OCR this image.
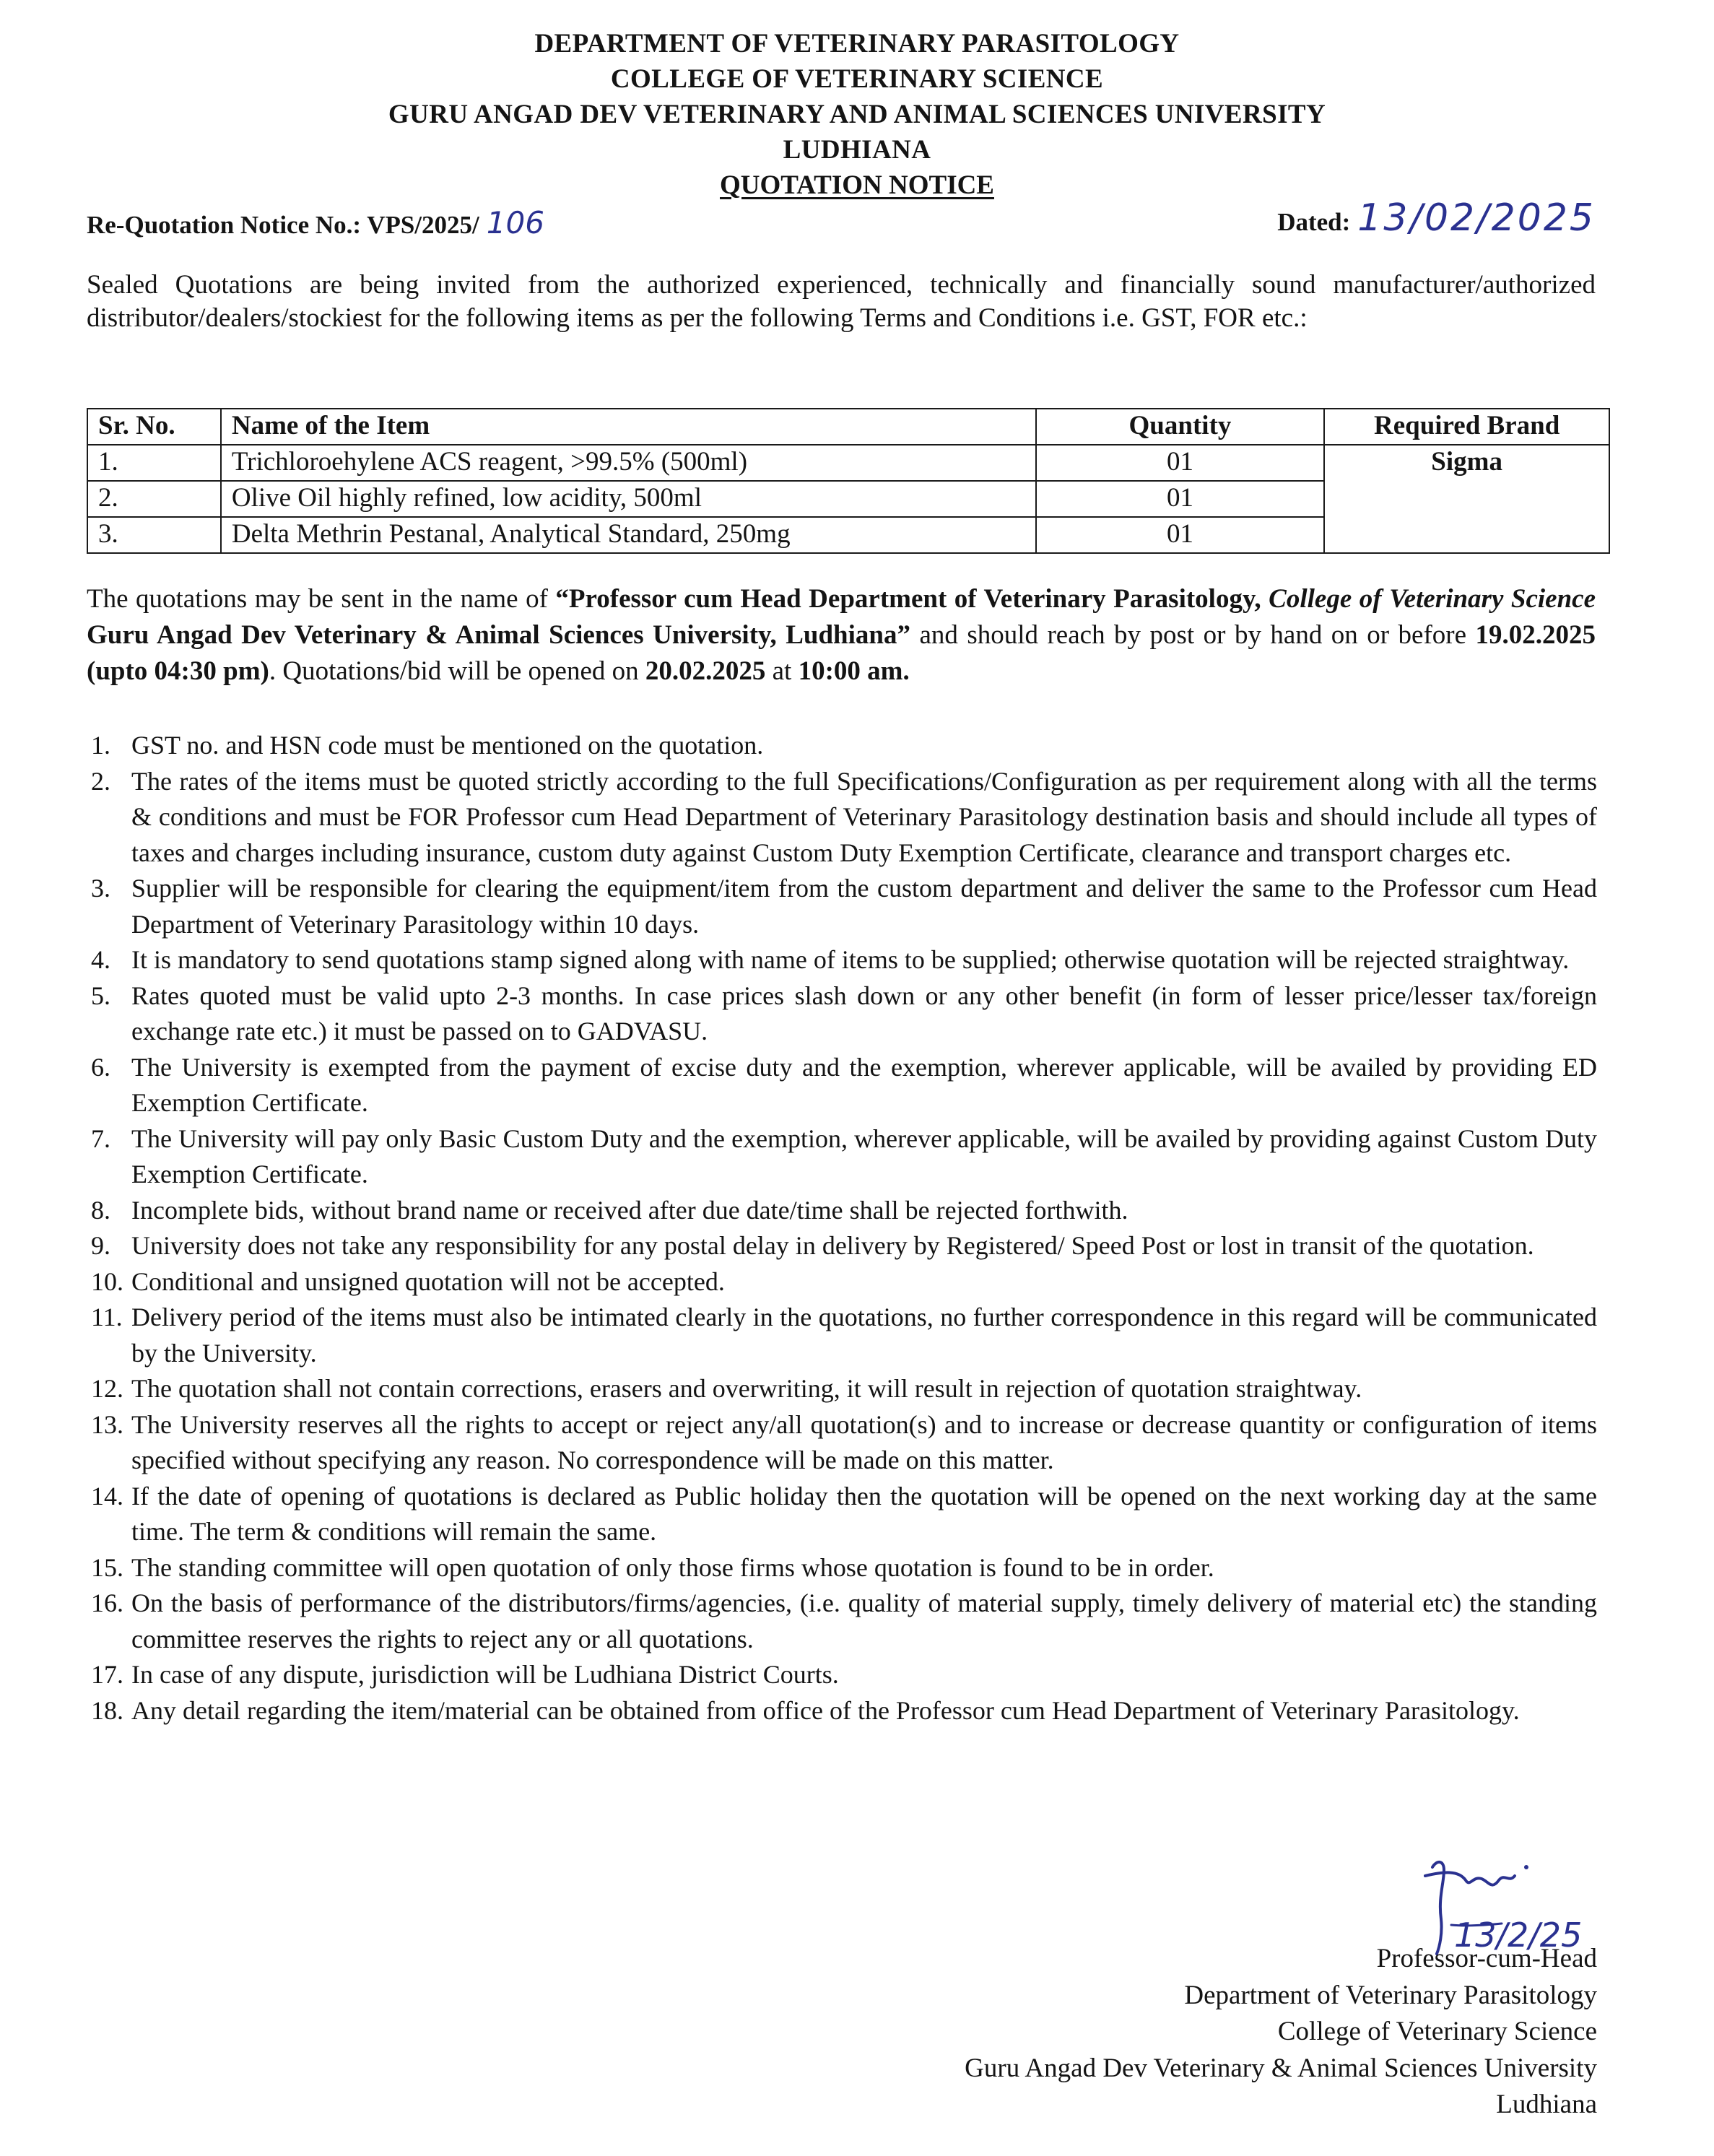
DEPARTMENT OF VETERINARY PARASITOLOGY
COLLEGE OF VETERINARY SCIENCE
GURU ANGAD DEV VETERINARY AND ANIMAL SCIENCES UNIVERSITY
LUDHIANA
QUOTATION NOTICE
Re-Quotation Notice No.: VPS/2025/ 106	Dated: 13/02/2025
Sealed Quotations are being invited from the authorized experienced, technically and financially sound manufacturer/authorized distributor/dealers/stockiest for the following items as per the following Terms and Conditions i.e. GST, FOR etc.:
Sr. No.	Name of the Item	Quantity	Required Brand
1.	Trichloroehylene ACS reagent, >99.5% (500ml)	01	Sigma
2.	Olive Oil highly refined, low acidity, 500ml	01	
3.	Delta Methrin Pestanal, Analytical Standard, 250mg	01	
The quotations may be sent in the name of “Professor cum Head Department of Veterinary Parasitology, College of Veterinary Science Guru Angad Dev Veterinary & Animal Sciences University, Ludhiana” and should reach by post or by hand on or before 19.02.2025 (upto 04:30 pm). Quotations/bid will be opened on 20.02.2025 at 10:00 am.
1. GST no. and HSN code must be mentioned on the quotation.
2. The rates of the items must be quoted strictly according to the full Specifications/Configuration as per requirement along with all the terms & conditions and must be FOR Professor cum Head Department of Veterinary Parasitology destination basis and should include all types of taxes and charges including insurance, custom duty against Custom Duty Exemption Certificate, clearance and transport charges etc.
3. Supplier will be responsible for clearing the equipment/item from the custom department and deliver the same to the Professor cum Head Department of Veterinary Parasitology within 10 days.
4. It is mandatory to send quotations stamp signed along with name of items to be supplied; otherwise quotation will be rejected straightway.
5. Rates quoted must be valid upto 2-3 months. In case prices slash down or any other benefit (in form of lesser price/lesser tax/foreign exchange rate etc.) it must be passed on to GADVASU.
6. The University is exempted from the payment of excise duty and the exemption, wherever applicable, will be availed by providing ED Exemption Certificate.
7. The University will pay only Basic Custom Duty and the exemption, wherever applicable, will be availed by providing against Custom Duty Exemption Certificate.
8. Incomplete bids, without brand name or received after due date/time shall be rejected forthwith.
9. University does not take any responsibility for any postal delay in delivery by Registered/ Speed Post or lost in transit of the quotation.
10. Conditional and unsigned quotation will not be accepted.
11. Delivery period of the items must also be intimated clearly in the quotations, no further correspondence in this regard will be communicated by the University.
12. The quotation shall not contain corrections, erasers and overwriting, it will result in rejection of quotation straightway.
13. The University reserves all the rights to accept or reject any/all quotation(s) and to increase or decrease quantity or configuration of items specified without specifying any reason. No correspondence will be made on this matter.
14. If the date of opening of quotations is declared as Public holiday then the quotation will be opened on the next working day at the same time. The term & conditions will remain the same.
15. The standing committee will open quotation of only those firms whose quotation is found to be in order.
16. On the basis of performance of the distributors/firms/agencies, (i.e. quality of material supply, timely delivery of material etc) the standing committee reserves the rights to reject any or all quotations.
17. In case of any dispute, jurisdiction will be Ludhiana District Courts.
18. Any detail regarding the item/material can be obtained from office of the Professor cum Head Department of Veterinary Parasitology.
13/2/25
Professor-cum-Head
Department of Veterinary Parasitology
College of Veterinary Science
Guru Angad Dev Veterinary & Animal Sciences University
Ludhiana
